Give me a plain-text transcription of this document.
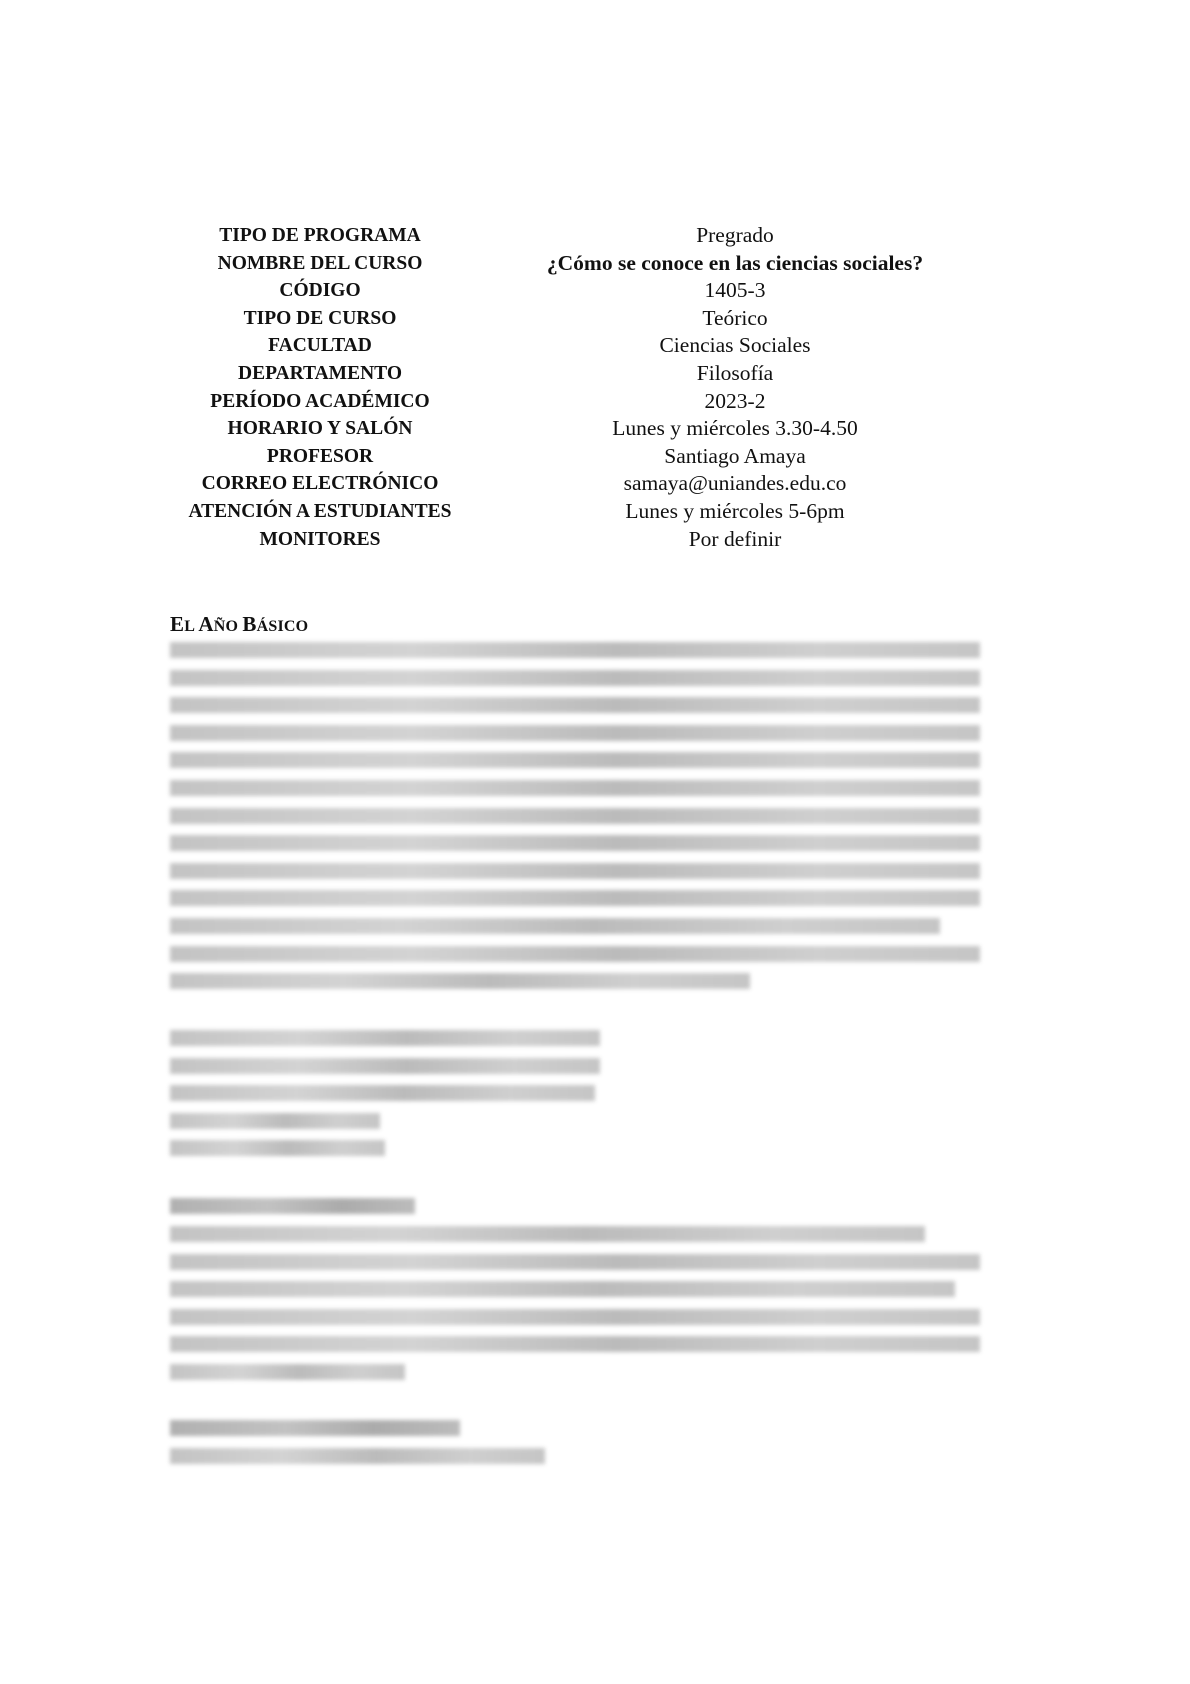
TIPO DE PROGRAMA
NOMBRE DEL CURSO
CÓDIGO
TIPO DE CURSO
FACULTAD
DEPARTAMENTO
PERÍODO ACADÉMICO
HORARIO Y SALÓN
PROFESOR
CORREO ELECTRÓNICO
ATENCIÓN A ESTUDIANTES
MONITORES
Pregrado
¿Cómo se conoce en las ciencias sociales?
1405-3
Teórico
Ciencias Sociales
Filosofía
2023-2
Lunes y miércoles 3.30-4.50
Santiago Amaya
samaya@uniandes.edu.co
Lunes y miércoles 5-6pm
Por definir
EL AÑO BÁSICO
